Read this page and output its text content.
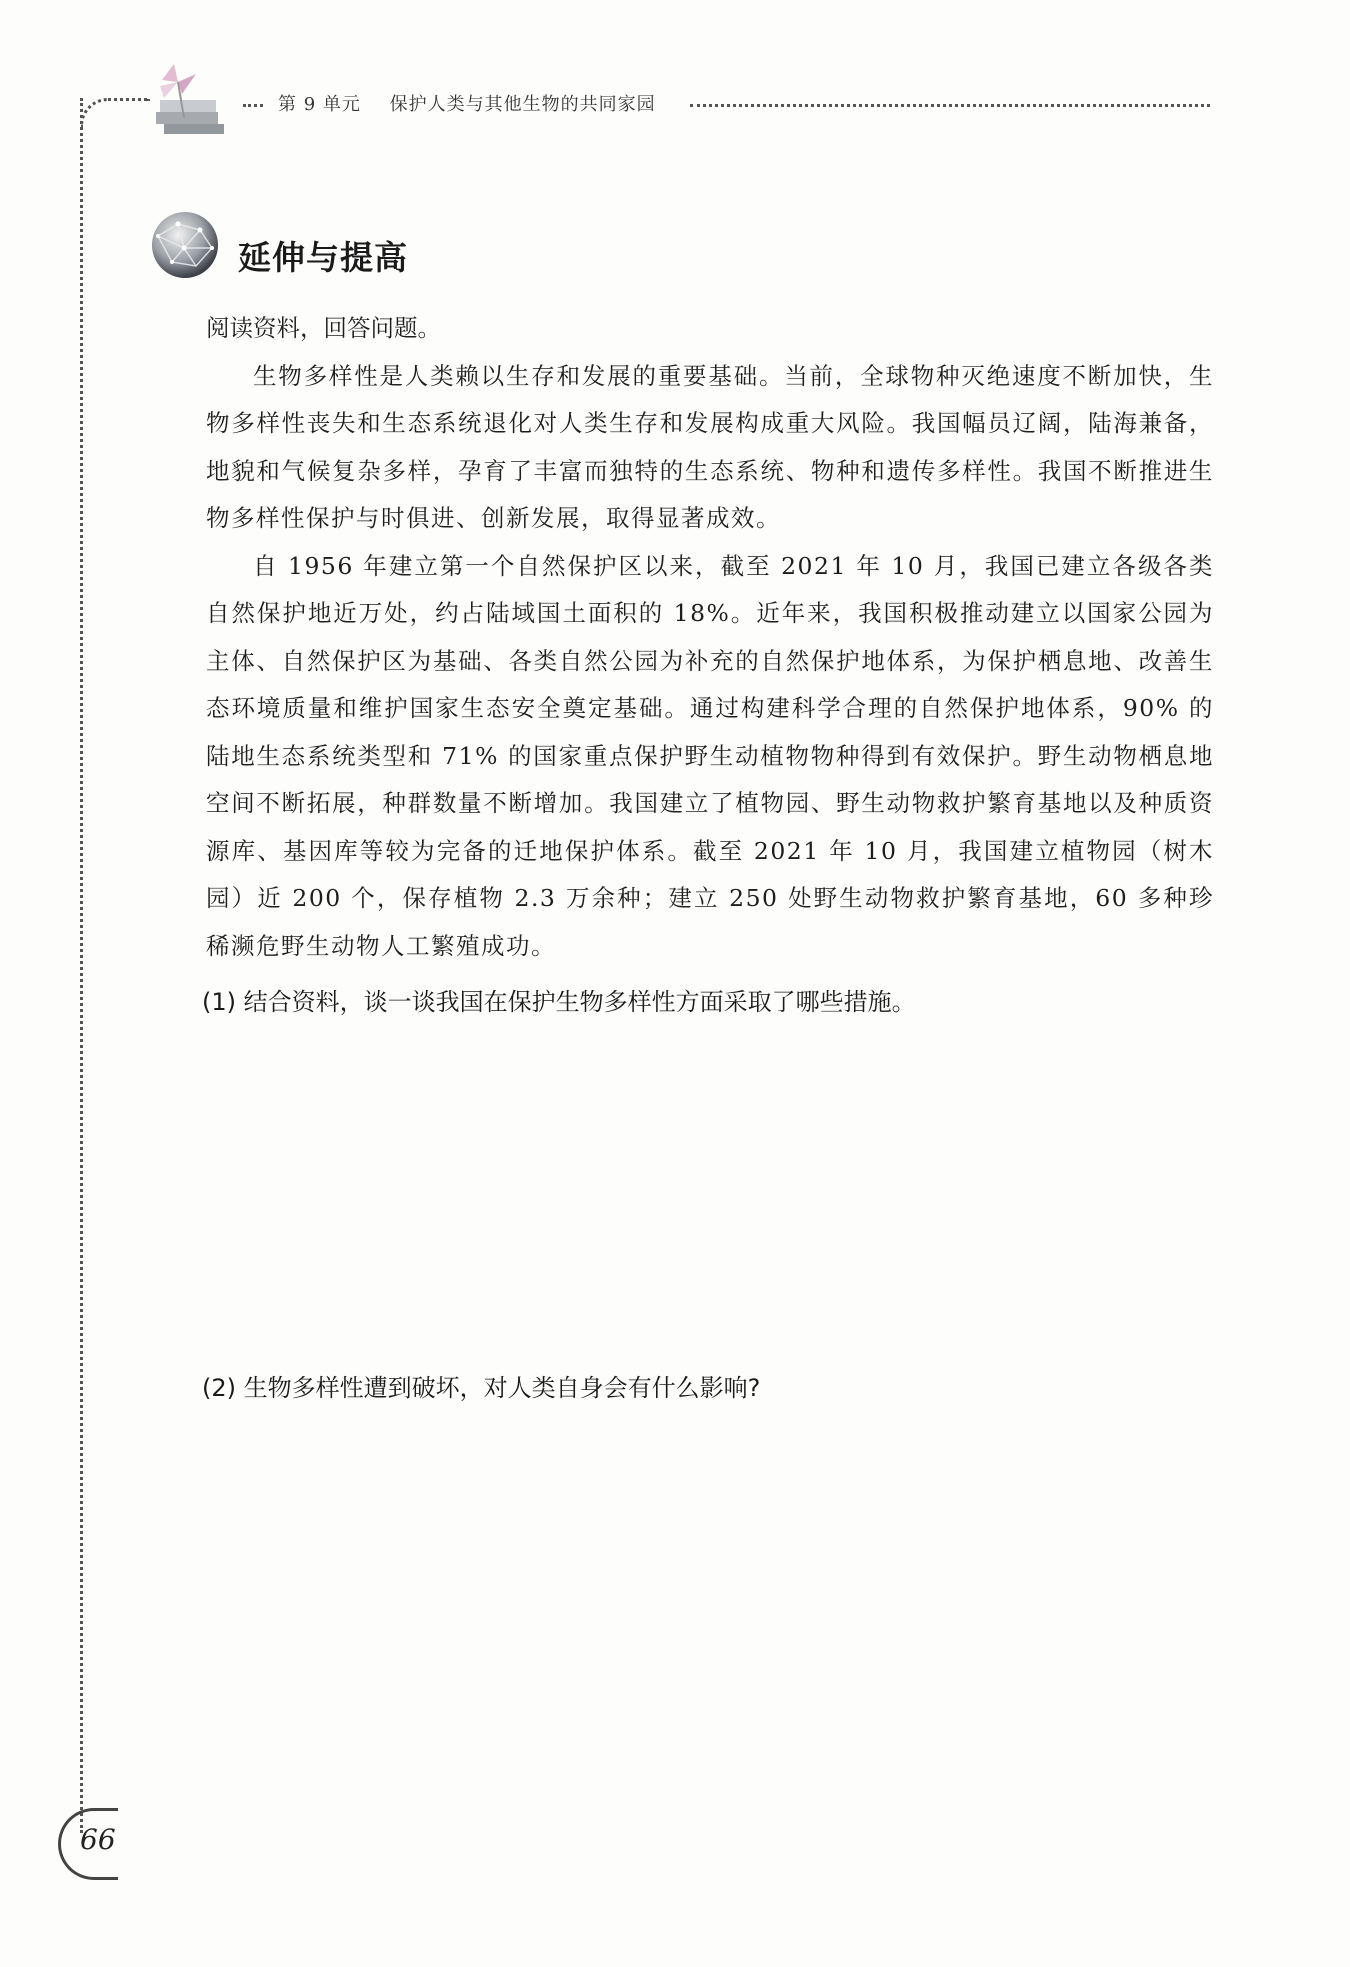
第 9 单元 保护人类与其他生物的共同家园
延伸与提高

阅读资料，回答问题。

生物多样性是人类赖以生存和发展的重要基础。当前，全球物种灭绝速度不断加快，生物多样性丧失和生态系统退化对人类生存和发展构成重大风险。我国幅员辽阔，陆海兼备，地貌和气候复杂多样，孕育了丰富而独特的生态系统、物种和遗传多样性。我国不断推进生物多样性保护与时俱进、创新发展，取得显著成效。

自 1956 年建立第一个自然保护区以来，截至 2021 年 10 月，我国已建立各级各类自然保护地近万处，约占陆域国土面积的 18%。近年来，我国积极推动建立以国家公园为主体、自然保护区为基础、各类自然公园为补充的自然保护地体系，为保护栖息地、改善生态环境质量和维护国家生态安全奠定基础。通过构建科学合理的自然保护地体系，90% 的陆地生态系统类型和 71% 的国家重点保护野生动植物物种得到有效保护。野生动物栖息地空间不断拓展，种群数量不断增加。我国建立了植物园、野生动物救护繁育基地以及种质资源库、基因库等较为完备的迁地保护体系。截至 2021 年 10 月，我国建立植物园（树木园）近 200 个，保存植物 2.3 万余种；建立 250 处野生动物救护繁育基地，60 多种珍稀濒危野生动物人工繁殖成功。

(1) 结合资料，谈一谈我国在保护生物多样性方面采取了哪些措施。
(2) 生物多样性遭到破坏，对人类自身会有什么影响?
66
